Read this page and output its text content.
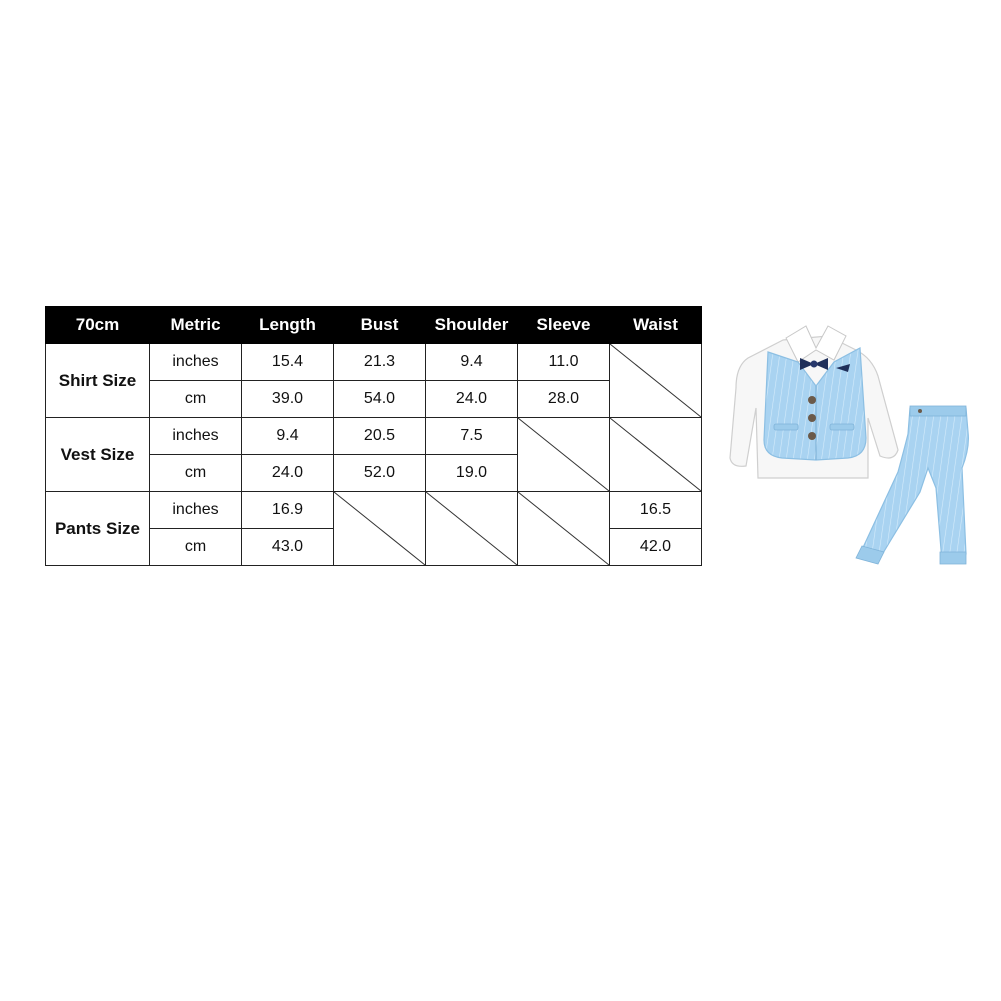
70cm	Metric	Length	Bust	Shoulder	Sleeve	Waist
Shirt Size	inches	15.4	21.3	9.4	11.0	

	cm	39.0	54.0	24.0	28.0	
Vest Size	inches	9.4	20.5	7.5	

	cm	24.0	52.0	19.0		
Pants Size	inches	16.9				16.5
	cm	43.0				42.0
